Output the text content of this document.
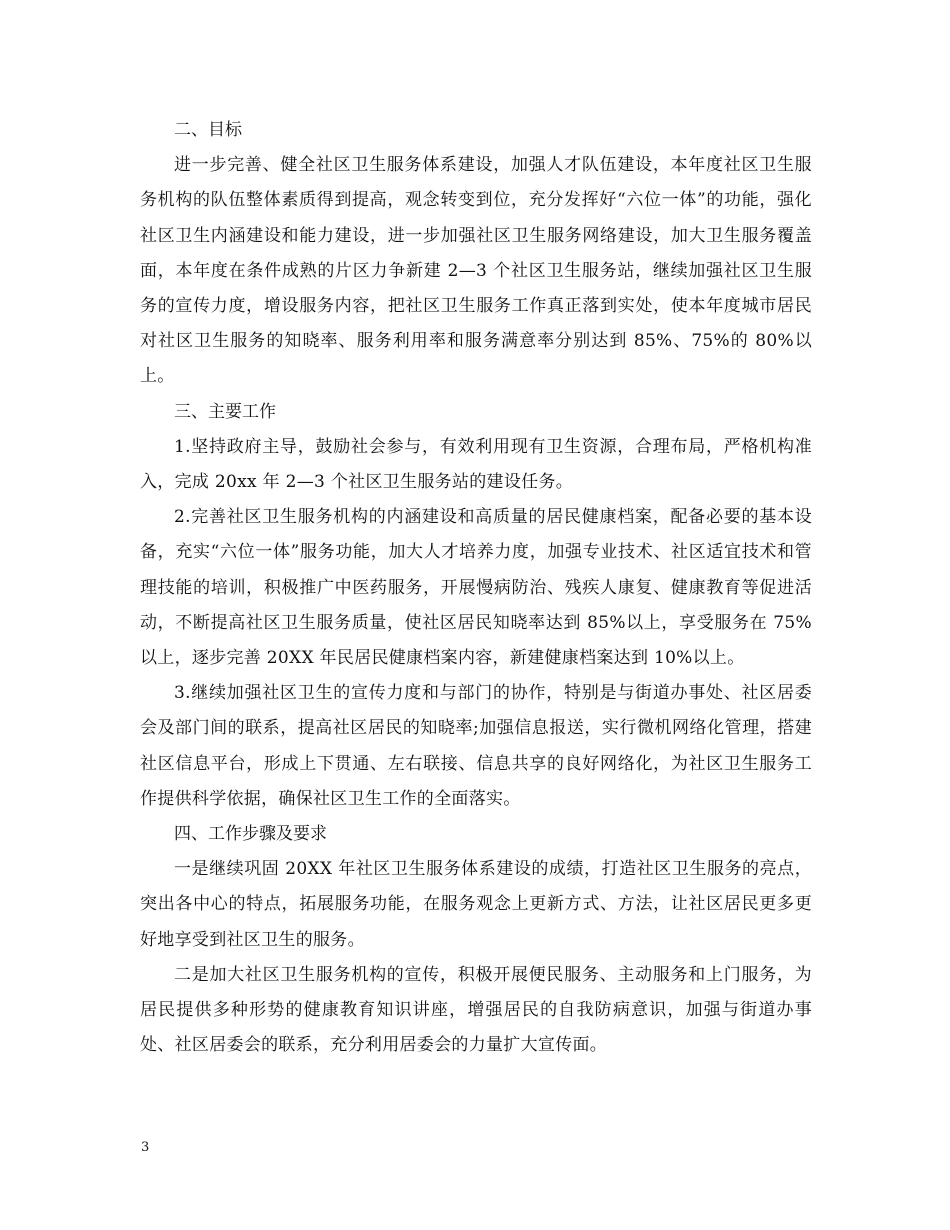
二、目标

进一步完善、健全社区卫生服务体系建设，加强人才队伍建设，本年度社区卫生服务机构的队伍整体素质得到提高，观念转变到位，充分发挥好“六位一体”的功能，强化社区卫生内涵建设和能力建设，进一步加强社区卫生服务网络建设，加大卫生服务覆盖面，本年度在条件成熟的片区力争新建 2—3 个社区卫生服务站，继续加强社区卫生服务的宣传力度，增设服务内容，把社区卫生服务工作真正落到实处，使本年度城市居民对社区卫生服务的知晓率、服务利用率和服务满意率分别达到 85%、75%的 80%以上。

三、主要工作

1.坚持政府主导，鼓励社会参与，有效利用现有卫生资源，合理布局，严格机构准入，完成 20xx 年 2—3 个社区卫生服务站的建设任务。

2.完善社区卫生服务机构的内涵建设和高质量的居民健康档案，配备必要的基本设备，充实“六位一体”服务功能，加大人才培养力度，加强专业技术、社区适宜技术和管理技能的培训，积极推广中医药服务，开展慢病防治、残疾人康复、健康教育等促进活动，不断提高社区卫生服务质量，使社区居民知晓率达到 85%以上，享受服务在 75%以上，逐步完善 20XX 年民居民健康档案内容，新建健康档案达到 10%以上。

3.继续加强社区卫生的宣传力度和与部门的协作，特别是与街道办事处、社区居委会及部门间的联系，提高社区居民的知晓率;加强信息报送，实行微机网络化管理，搭建社区信息平台，形成上下贯通、左右联接、信息共享的良好网络化，为社区卫生服务工作提供科学依据，确保社区卫生工作的全面落实。

四、工作步骤及要求

一是继续巩固 20XX 年社区卫生服务体系建设的成绩，打造社区卫生服务的亮点，突出各中心的特点，拓展服务功能，在服务观念上更新方式、方法，让社区居民更多更好地享受到社区卫生的服务。

二是加大社区卫生服务机构的宣传，积极开展便民服务、主动服务和上门服务，为居民提供多种形势的健康教育知识讲座，增强居民的自我防病意识，加强与街道办事处、社区居委会的联系，充分利用居委会的力量扩大宣传面。

3
